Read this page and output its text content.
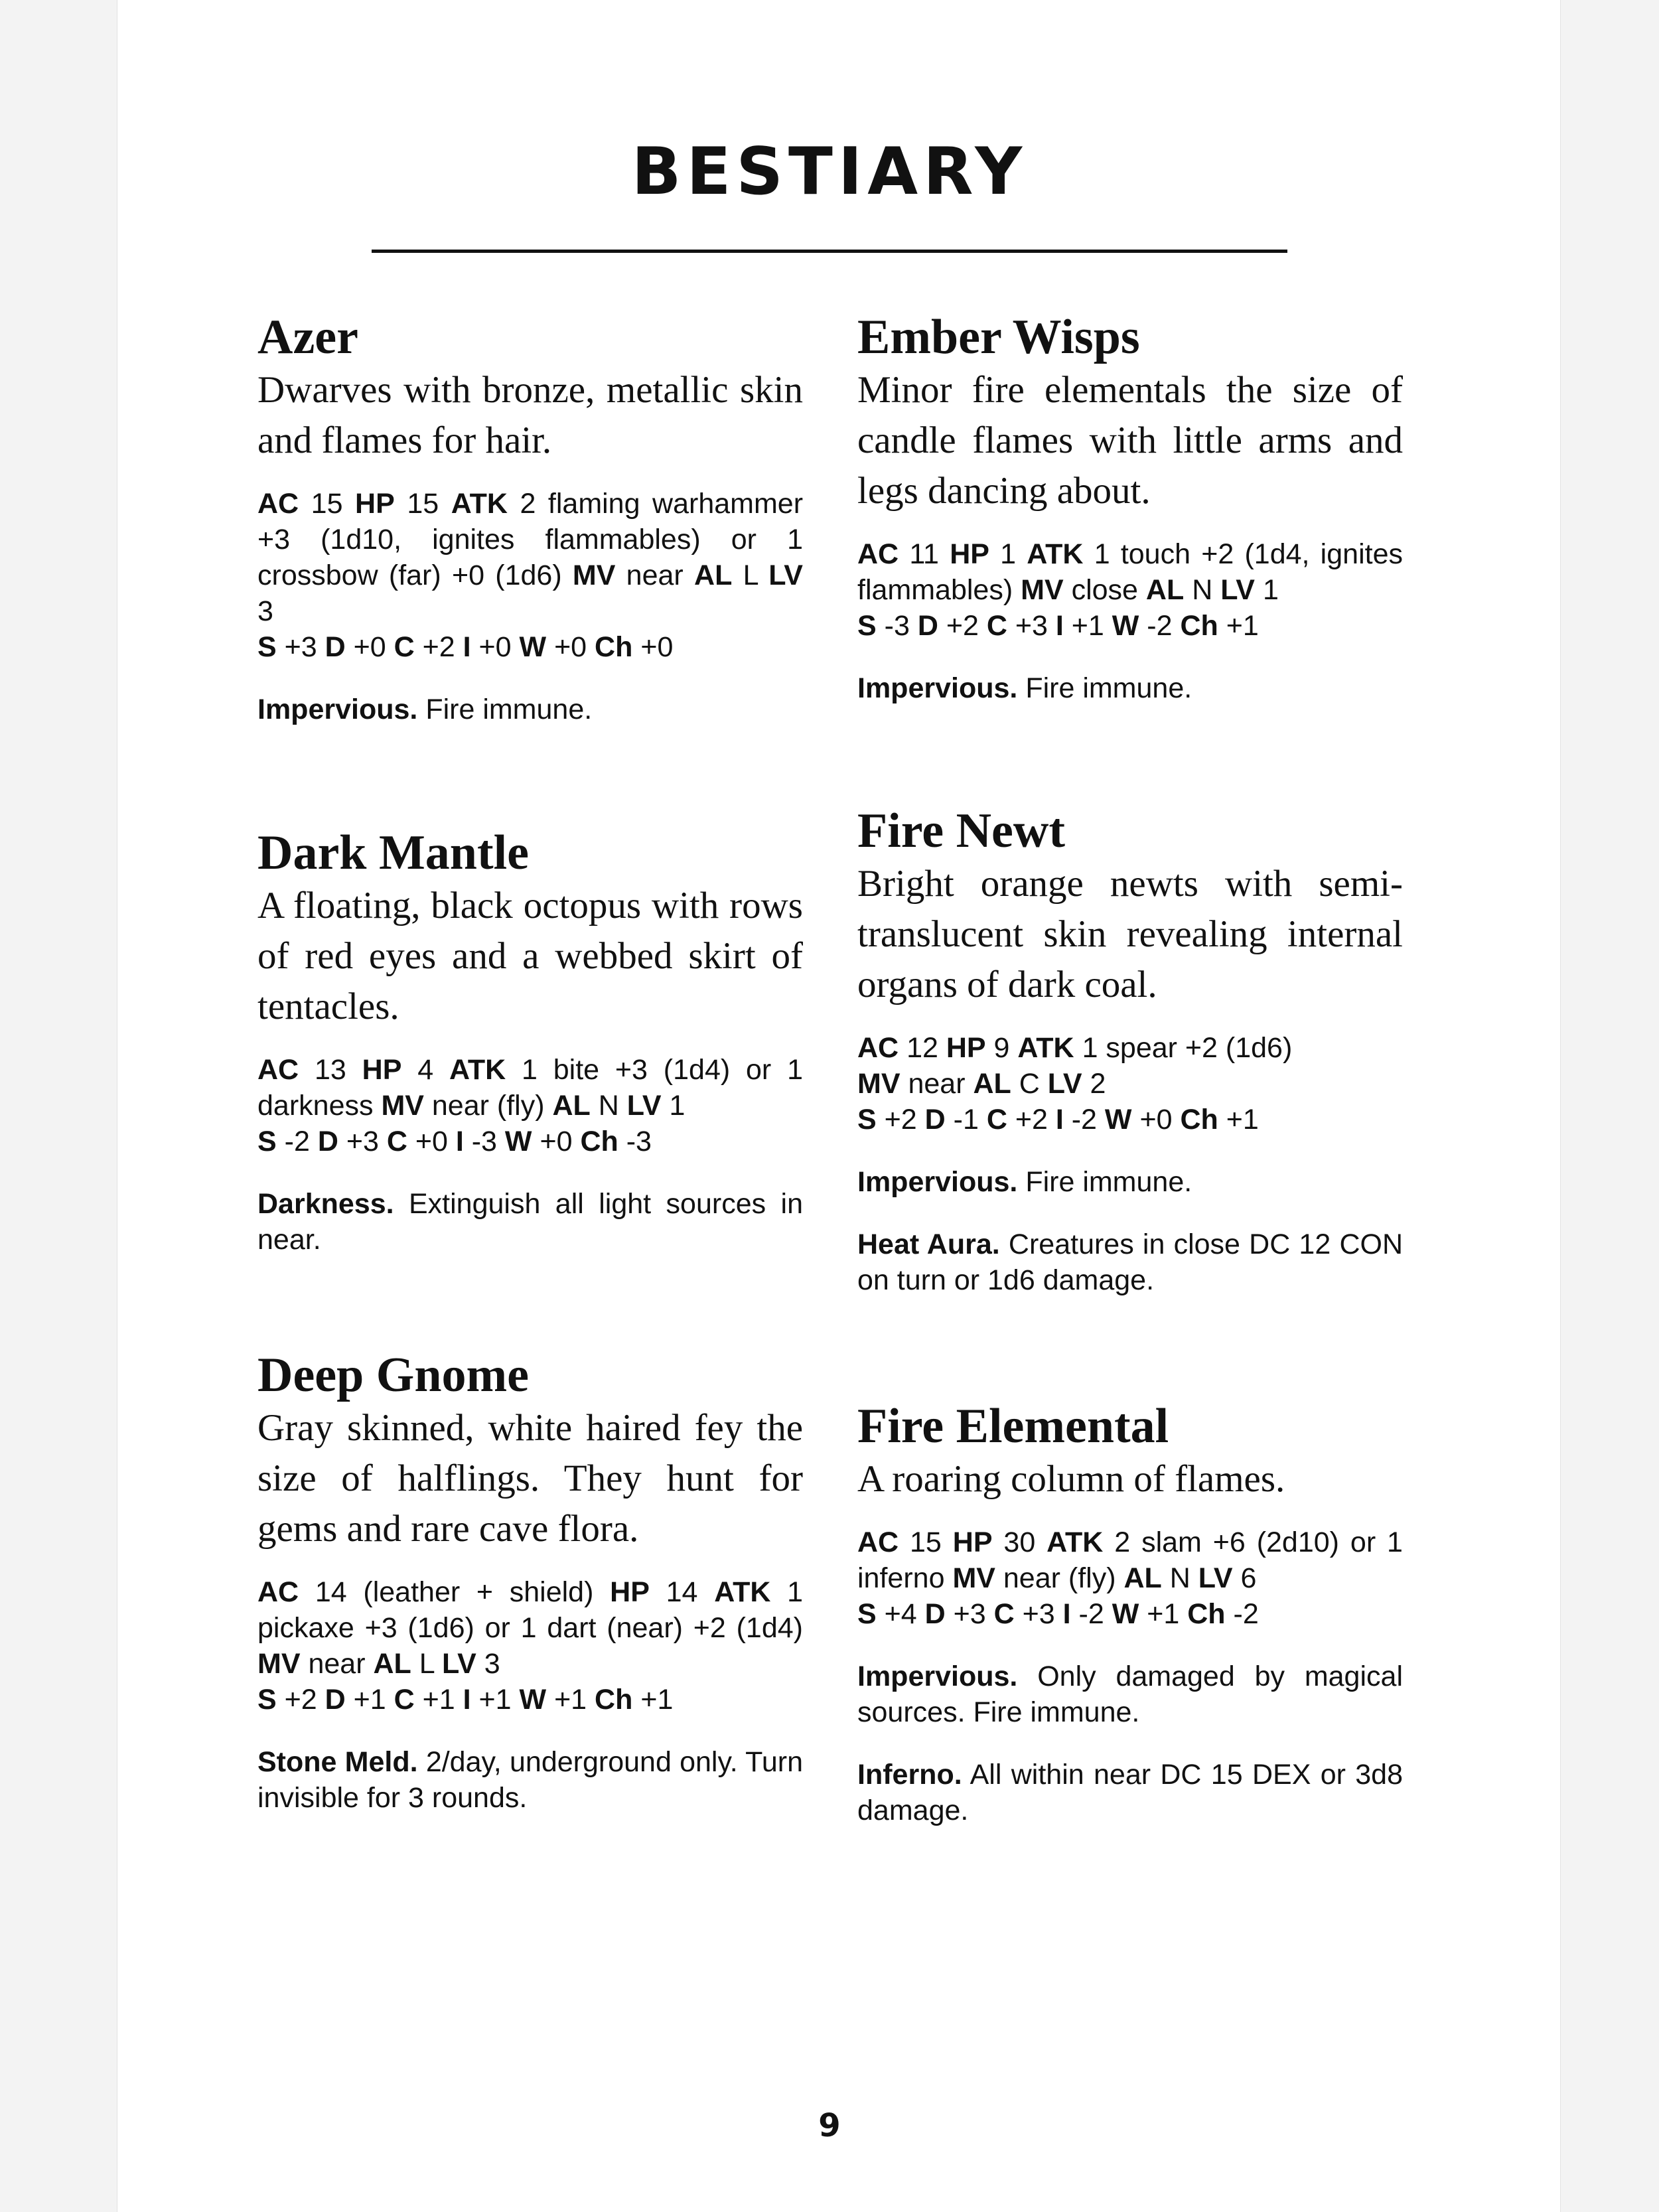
BESTIARY
Azer

Dwarves with bronze, metallic skin and flames for hair.

AC 15 HP 15 ATK 2 flaming warhammer +3 (1d10, ignites flammables) or 1 crossbow (far) +0 (1d6) MV near AL L LV 3
S +3 D +0 C +2 I +0 W +0 Ch +0

Impervious. Fire immune.

Dark Mantle

A floating, black octopus with rows of red eyes and a webbed skirt of tentacles.

AC 13 HP 4 ATK 1 bite +3 (1d4) or 1 darkness MV near (fly) AL N LV 1
S -2 D +3 C +0 I -3 W +0 Ch -3

Darkness. Extinguish all light sources in near.

Deep Gnome

Gray skinned, white haired fey the size of halflings. They hunt for gems and rare cave flora.

AC 14 (leather + shield) HP 14 ATK 1 pickaxe +3 (1d6) or 1 dart (near) +2 (1d4) MV near AL L LV 3
S +2 D +1 C +1 I +1 W +1 Ch +1

Stone Meld. 2/day, underground only. Turn invisible for 3 rounds.

Ember Wisps

Minor fire elementals the size of candle flames with little arms and legs dancing about.

AC 11 HP 1 ATK 1 touch +2 (1d4, ignites flammables) MV close AL N LV 1
S -3 D +2 C +3 I +1 W -2 Ch +1

Impervious. Fire immune.

Fire Newt

Bright orange newts with semi-translucent skin revealing internal organs of dark coal.

AC 12 HP 9 ATK 1 spear +2 (1d6)
MV near AL C LV 2
S +2 D -1 C +2 I -2 W +0 Ch +1

Impervious. Fire immune.

Heat Aura. Creatures in close DC 12 CON on turn or 1d6 damage.

Fire Elemental

A roaring column of flames.

AC 15 HP 30 ATK 2 slam +6 (2d10) or 1 inferno MV near (fly) AL N LV 6
S +4 D +3 C +3 I -2 W +1 Ch -2

Impervious. Only damaged by magical sources. Fire immune.

Inferno. All within near DC 15 DEX or 3d8 damage.

9
